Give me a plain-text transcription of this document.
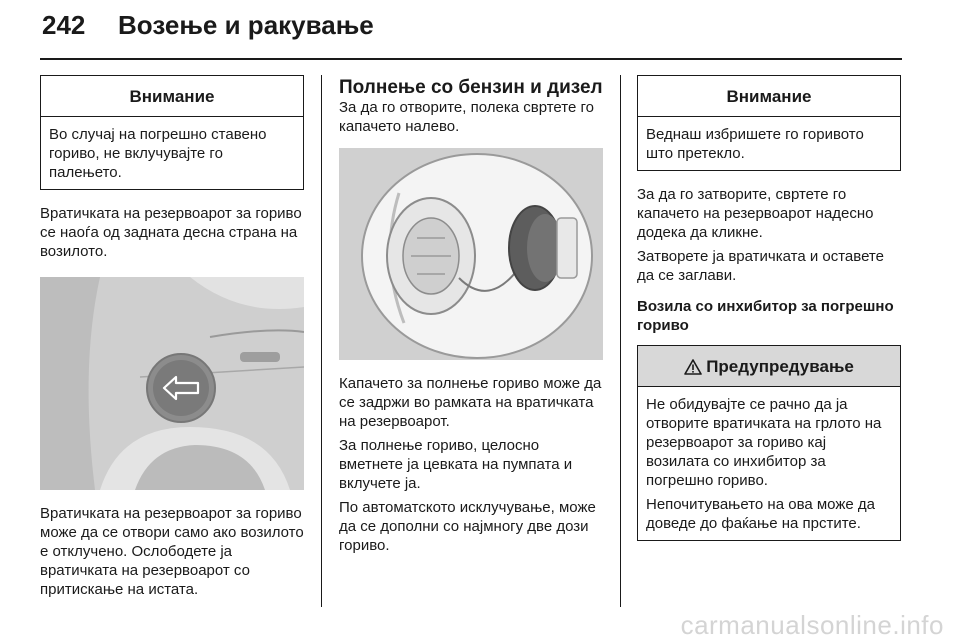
242 Возење и ракување
Внимание

Во случај на погрешно ставено гориво, не вклучувајте го палењето.

Вратичката на резервоарот за гориво се наоѓа од задната десна страна на возилото.

Вратичката на резервоарот за гориво може да се отвори само ако возилото е отклучено. Ослободете ја вратичката на резервоарот со притискање на истата.

Полнење со бензин и дизел

За да го отворите, полека свртете го капачето налево.

Капачето за полнење гориво може да се задржи во рамката на вратичката на резервоарот.

За полнење гориво, целосно вметнете ја цевката на пумпата и вклучете ја.

По автоматското исклучување, може да се дополни со најмногу две дози гориво.

Внимание

Веднаш избришете го горивото што претекло.

За да го затворите, свртете го капачето на резервоарот надесно додека да кликне.

Затворете ја вратичката и оставете да се заглави.

Возила со инхибитор за погрешно гориво

Предупредување

Не обидувајте се рачно да ја отворите вратичката на грлото на резервоарот за гориво кај возилата со инхибитор за погрешно гориво.

Непочитувањето на ова може да доведе до фаќање на прстите.

carmanualsonline.info
